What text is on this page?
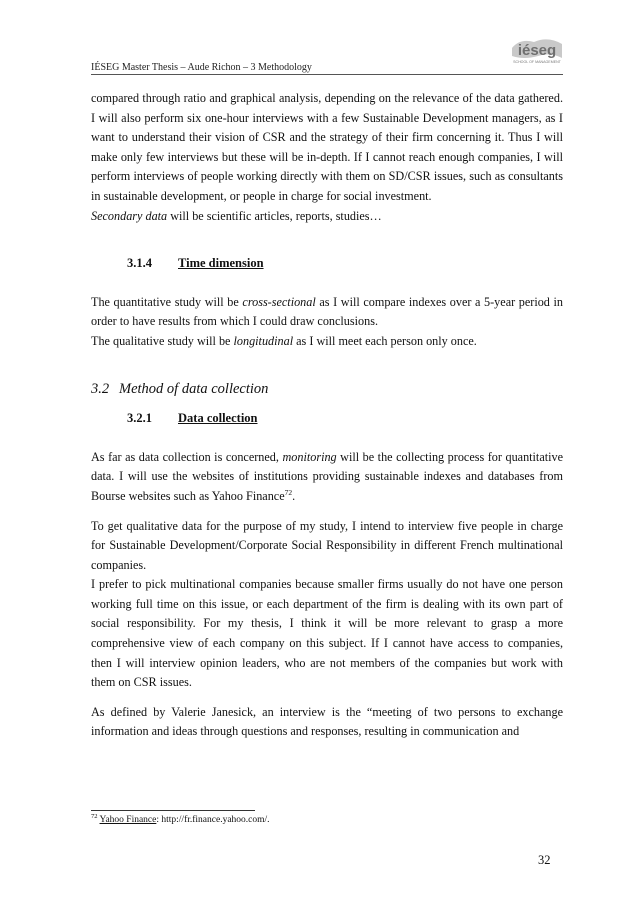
IÉSEG Master Thesis – Aude Richon – 3 Methodology
iéseg
SCHOOL OF MANAGEMENT

compared through ratio and graphical analysis, depending on the relevance of the data gathered. I will also perform six one-hour interviews with a few Sustainable Development managers, as I want to understand their vision of CSR and the strategy of their firm concerning it. Thus I will make only few interviews but these will be in-depth. If I cannot reach enough companies, I will perform interviews of people working directly with them on SD/CSR issues, such as consultants in sustainable development, or people in charge for social investment.

Secondary data will be scientific articles, reports, studies…

3.1.4 Time dimension

The quantitative study will be cross-sectional as I will compare indexes over a 5-year period in order to have results from which I could draw conclusions.

The qualitative study will be longitudinal as I will meet each person only once.

3.2 Method of data collection

3.2.1 Data collection

As far as data collection is concerned, monitoring will be the collecting process for quantitative data. I will use the websites of institutions providing sustainable indexes and databases from Bourse websites such as Yahoo Finance$^{72}$.

To get qualitative data for the purpose of my study, I intend to interview five people in charge for Sustainable Development/Corporate Social Responsibility in different French multinational companies.

I prefer to pick multinational companies because smaller firms usually do not have one person working full time on this issue, or each department of the firm is dealing with its own part of social responsibility. For my thesis, I think it will be more relevant to grasp a more comprehensive view of each company on this subject. If I cannot have access to companies, then I will interview opinion leaders, who are not members of the companies but work with them on CSR issues.

As defined by Valerie Janesick, an interview is the “meeting of two persons to exchange information and ideas through questions and responses, resulting in communication and

$^{72}$ Yahoo Finance: http://fr.finance.yahoo.com/.
32
